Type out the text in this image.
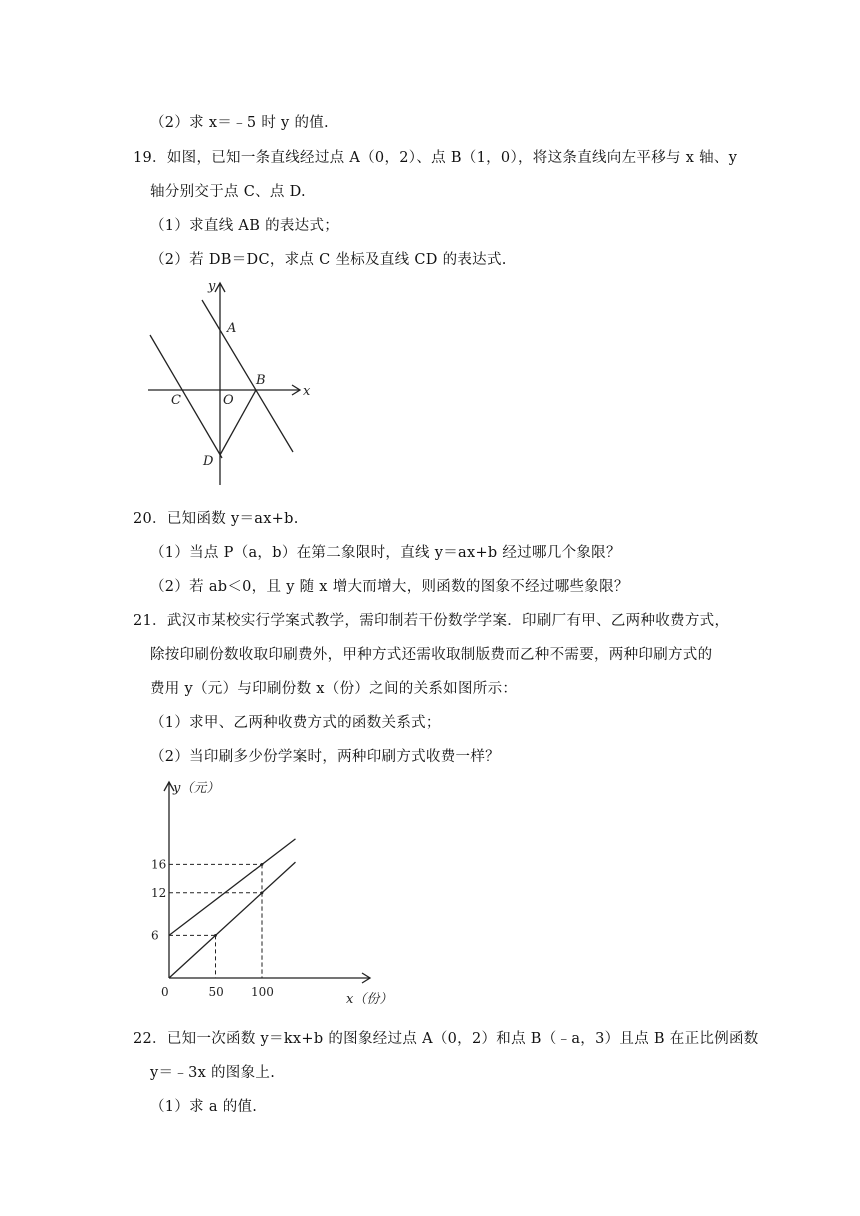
（2）求 x＝﹣5 时 y 的值.
19．如图，已知一条直线经过点 A（0，2）、点 B（1，0），将这条直线向左平移与 x 轴、y
轴分别交于点 C、点 D.
（1）求直线 AB 的表达式；
（2）若 DB＝DC，求点 C 坐标及直线 CD 的表达式.
20．已知函数 y＝ax+b.
（1）当点 P（a，b）在第二象限时，直线 y＝ax+b 经过哪几个象限？
（2）若 ab＜0，且 y 随 x 增大而增大，则函数的图象不经过哪些象限？
21．武汉市某校实行学案式教学，需印制若干份数学学案．印刷厂有甲、乙两种收费方式，
除按印刷份数收取印刷费外，甲种方式还需收取制版费而乙种不需要，两种印刷方式的
费用 y（元）与印刷份数 x（份）之间的关系如图所示：
（1）求甲、乙两种收费方式的函数关系式；
（2）当印刷多少份学案时，两种印刷方式收费一样？
22．已知一次函数 y＝kx+b 的图象经过点 A（0，2）和点 B（﹣a，3）且点 B 在正比例函数
y＝﹣3x 的图象上.
（1）求 a 的值.
y
x
A
B
C	O
D
6
12
16
0	50 100
y（元）
x（份）
